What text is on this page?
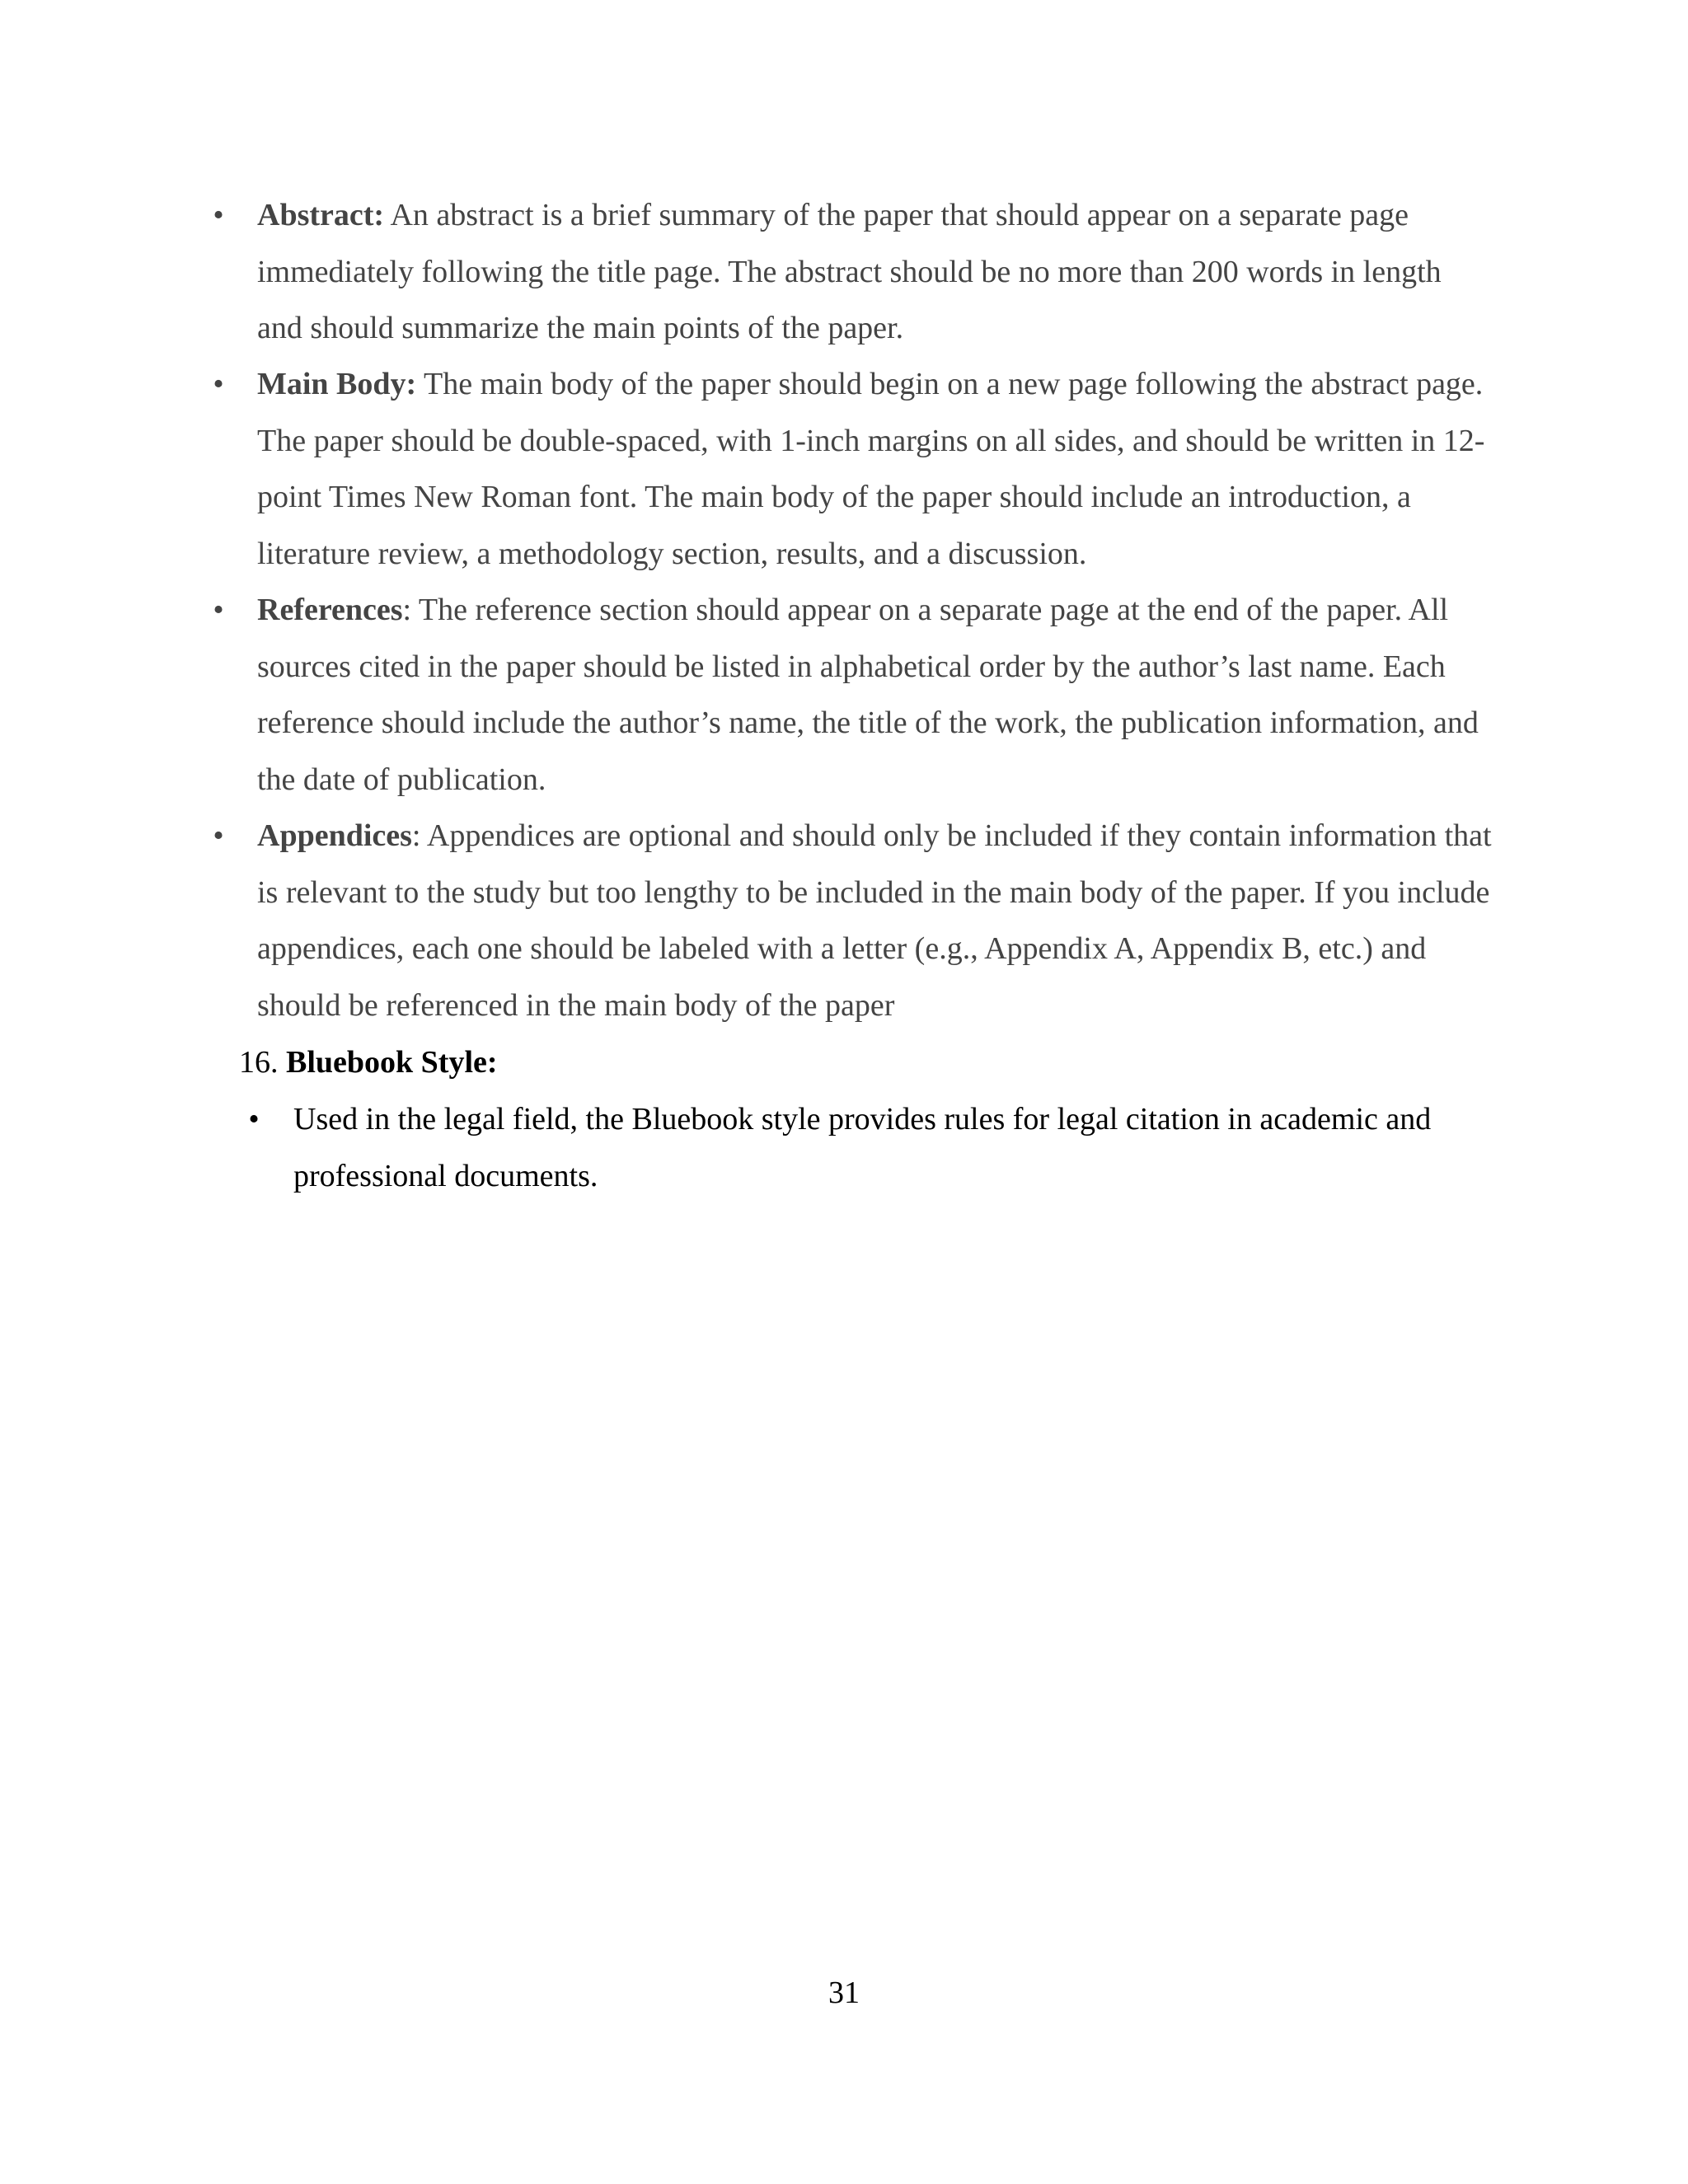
• Abstract: An abstract is a brief summary of the paper that should appear on a separate page immediately following the title page. The abstract should be no more than 200 words in length and should summarize the main points of the paper.
• Main Body: The main body of the paper should begin on a new page following the abstract page. The paper should be double-spaced, with 1-inch margins on all sides, and should be written in 12-point Times New Roman font. The main body of the paper should include an introduction, a literature review, a methodology section, results, and a discussion.
• References: The reference section should appear on a separate page at the end of the paper. All sources cited in the paper should be listed in alphabetical order by the author’s last name. Each reference should include the author’s name, the title of the work, the publication information, and the date of publication.
• Appendices: Appendices are optional and should only be included if they contain information that is relevant to the study but too lengthy to be included in the main body of the paper. If you include appendices, each one should be labeled with a letter (e.g., Appendix A, Appendix B, etc.) and should be referenced in the main body of the paper
16. Bluebook Style:
• Used in the legal field, the Bluebook style provides rules for legal citation in academic and professional documents.
31
